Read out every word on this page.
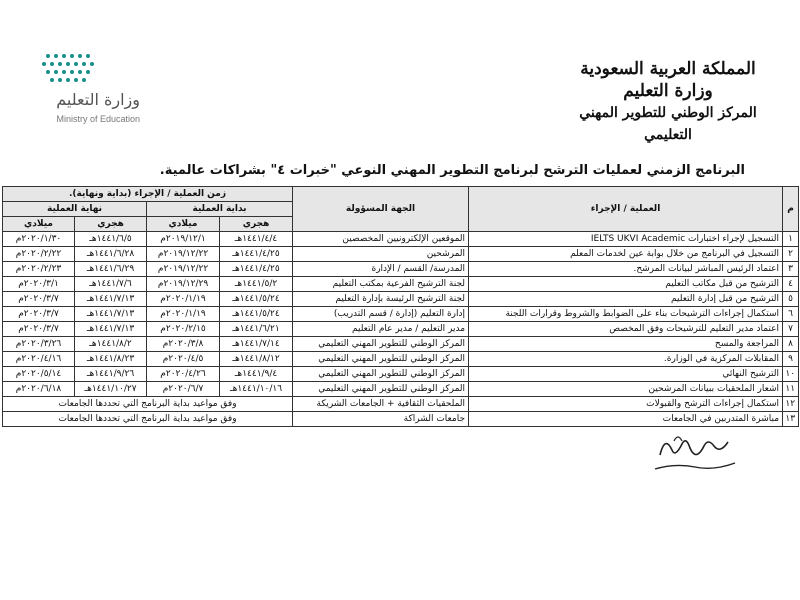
وزارة التعليم
Ministry of Education
المملكة العربية السعودية
وزارة التعليم
المركز الوطني للتطوير المهني التعليمي
البرنامج الزمني لعمليات الترشح لبرنامج التطوير المهني النوعي "خبرات ٤" بشراكات عالمية.
م	العملية / الإجراء	الجهة المسؤولة	زمن العملية / الإجراء (بداية ونهاية).			
			بداية العملية		نهاية العملية	
			هجري	ميلادي	هجري	ميلادي
١	التسجيل لإجراء اختبارات IELTS UKVI Academic	الموقعين الإلكترونيين المخصصين	١٤٤١/٤/٤هـ	٢٠١٩/١٢/١م	١٤٤١/٦/٥هـ	٢٠٢٠/١/٣٠م
٢	التسجيل في البرنامج من خلال بوابة عين لخدمات المعلم	المرشحين	١٤٤١/٤/٢٥هـ	٢٠١٩/١٢/٢٢م	١٤٤١/٦/٢٨هـ	٢٠٢٠/٢/٢٢م
٣	اعتماد الرئيس المباشر لبيانات المرشح.	المدرسة/ القسم / الإدارة	١٤٤١/٤/٢٥هـ	٢٠١٩/١٢/٢٢م	١٤٤١/٦/٢٩هـ	٢٠٢٠/٢/٢٣م
٤	الترشيح من قبل مكاتب التعليم	لجنة الترشيح الفرعية بمكتب التعليم	١٤٤١/٥/٢هـ	٢٠١٩/١٢/٢٩م	١٤٤١/٧/٦هـ	٢٠٢٠/٣/١م
٥	الترشيح من قبل إدارة التعليم	لجنة الترشيح الرئيسة بإدارة التعليم	١٤٤١/٥/٢٤هـ	٢٠٢٠/١/١٩م	١٤٤١/٧/١٣هـ	٢٠٢٠/٣/٧م
٦	استكمال إجراءات الترشيحات بناء على الضوابط والشروط وقرارات اللجنة	إدارة التعليم (إدارة / قسم التدريب)	١٤٤١/٥/٢٤هـ	٢٠٢٠/١/١٩م	١٤٤١/٧/١٣هـ	٢٠٢٠/٣/٧م
٧	اعتماد مدير التعليم للترشيحات وفق المخصص	مدير التعليم / مدير عام التعليم	١٤٤١/٦/٢١هـ	٢٠٢٠/٢/١٥م	١٤٤١/٧/١٣هـ	٢٠٢٠/٣/٧م
٨	المراجعة والمسح	المركز الوطني للتطوير المهني التعليمي	١٤٤١/٧/١٤هـ	٢٠٢٠/٣/٨م	١٤٤١/٨/٢هـ	٢٠٢٠/٣/٢٦م
٩	المقابلات المركزية في الوزارة.	المركز الوطني للتطوير المهني التعليمي	١٤٤١/٨/١٢هـ	٢٠٢٠/٤/٥م	١٤٤١/٨/٢٣هـ	٢٠٢٠/٤/١٦م
١٠	الترشيح النهائي	المركز الوطني للتطوير المهني التعليمي	١٤٤١/٩/٤هـ	٢٠٢٠/٤/٢٦م	١٤٤١/٩/٢٦هـ	٢٠٢٠/٥/١٤م
١١	اشعار الملحقيات ببيانات المرشحين	المركز الوطني للتطوير المهني التعليمي	١٤٤١/١٠/١٦هـ	٢٠٢٠/٦/٧م	١٤٤١/١٠/٢٧هـ	٢٠٢٠/٦/١٨م
١٢	استكمال إجراءات الترشح والقبولات	الملحقيات الثقافية + الجامعات الشريكة	وفق مواعيد بداية البرنامج التي تحددها الجامعات			
١٣	مباشرة المتدربين في الجامعات	جامعات الشراكة	وفق مواعيد بداية البرنامج التي تحددها الجامعات			
